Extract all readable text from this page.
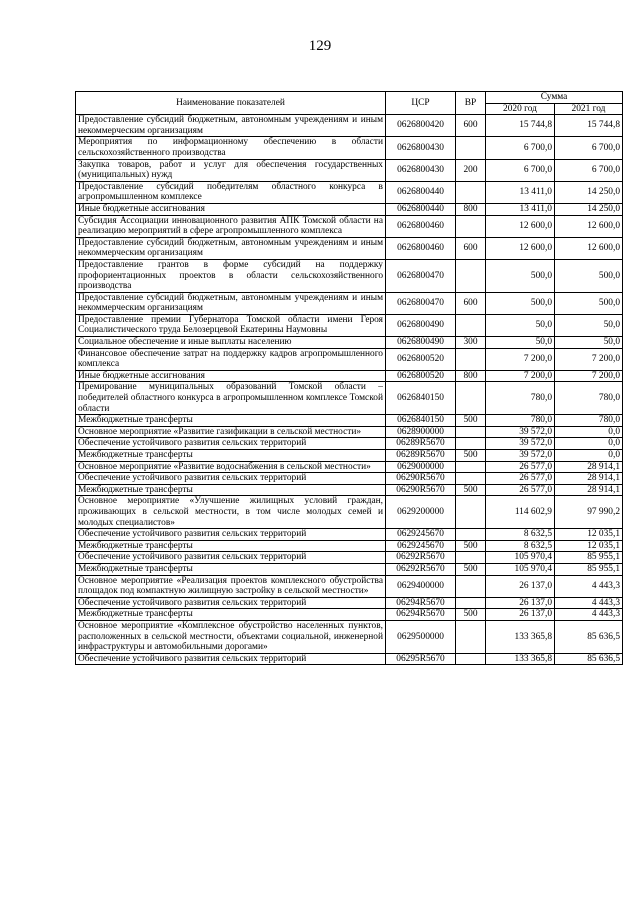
129
Наименование показателей	ЦСР	ВР	Сумма	
			2020 год	2021 год
Предоставление субсидий бюджетным, автономным учреждениям и иным некоммерческим организациям	0626800420	600	15 744,8	15 744,8
Мероприятия по информационному обеспечению в области сельскохозяйственного производства	0626800430		6 700,0	6 700,0
Закупка товаров, работ и услуг для обеспечения государственных (муниципальных) нужд	0626800430	200	6 700,0	6 700,0
Предоставление субсидий победителям областного конкурса в агропромышленном комплексе	0626800440		13 411,0	14 250,0
Иные бюджетные ассигнования	0626800440	800	13 411,0	14 250,0
Субсидия Ассоциации инновационного развития АПК Томской области на реализацию мероприятий в сфере агропромышленного комплекса	0626800460		12 600,0	12 600,0
Предоставление субсидий бюджетным, автономным учреждениям и иным некоммерческим организациям	0626800460	600	12 600,0	12 600,0
Предоставление грантов в форме субсидий на поддержку профориентационных проектов в области сельскохозяйственного производства	0626800470		500,0	500,0
Предоставление субсидий бюджетным, автономным учреждениям и иным некоммерческим организациям	0626800470	600	500,0	500,0
Предоставление премии Губернатора Томской области имени Героя Социалистического труда Белозерцевой Екатерины Наумовны	0626800490		50,0	50,0
Социальное обеспечение и иные выплаты населению	0626800490	300	50,0	50,0
Финансовое обеспечение затрат на поддержку кадров агропромышленного комплекса	0626800520		7 200,0	7 200,0
Иные бюджетные ассигнования	0626800520	800	7 200,0	7 200,0
Премирование муниципальных образований Томской области – победителей областного конкурса в агропромышленном комплексе Томской области	0626840150		780,0	780,0
Межбюджетные трансферты	0626840150	500	780,0	780,0
Основное мероприятие «Развитие газификации в сельской местности»	0628900000		39 572,0	0,0
Обеспечение устойчивого развития сельских территорий	06289R5670		39 572,0	0,0
Межбюджетные трансферты	06289R5670	500	39 572,0	0,0
Основное мероприятие «Развитие водоснабжения в сельской местности»	0629000000		26 577,0	28 914,1
Обеспечение устойчивого развития сельских территорий	06290R5670		26 577,0	28 914,1
Межбюджетные трансферты	06290R5670	500	26 577,0	28 914,1
Основное мероприятие «Улучшение жилищных условий граждан, проживающих в сельской местности, в том числе молодых семей и молодых специалистов»	0629200000		114 602,9	97 990,2
Обеспечение устойчивого развития сельских территорий	0629245670		8 632,5	12 035,1
Межбюджетные трансферты	0629245670	500	8 632,5	12 035,1
Обеспечение устойчивого развития сельских территорий	06292R5670		105 970,4	85 955,1
Межбюджетные трансферты	06292R5670	500	105 970,4	85 955,1
Основное мероприятие «Реализация проектов комплексного обустройства площадок под компактную жилищную застройку в сельской местности»	0629400000		26 137,0	4 443,3
Обеспечение устойчивого развития сельских территорий	06294R5670		26 137,0	4 443,3
Межбюджетные трансферты	06294R5670	500	26 137,0	4 443,3
Основное мероприятие «Комплексное обустройство населенных пунктов, расположенных в сельской местности, объектами социальной, инженерной инфраструктуры и автомобильными дорогами»	0629500000		133 365,8	85 636,5
Обеспечение устойчивого развития сельских территорий	06295R5670		133 365,8	85 636,5
